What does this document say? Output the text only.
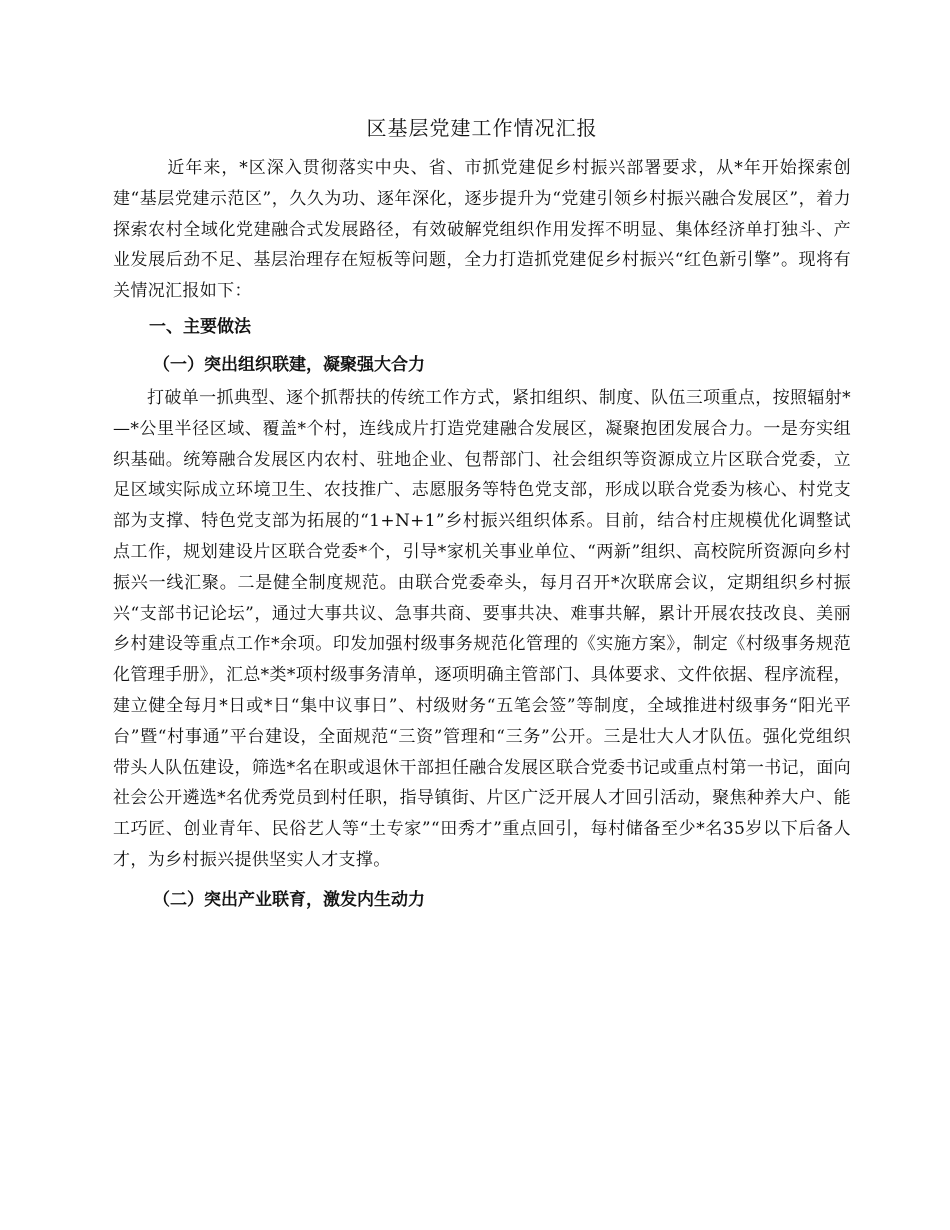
区基层党建工作情况汇报

近年来，*区深入贯彻落实中央、省、市抓党建促乡村振兴部署要求，从*年开始探索创建“基层党建示范区”，久久为功、逐年深化，逐步提升为“党建引领乡村振兴融合发展区”，着力探索农村全域化党建融合式发展路径，有效破解党组织作用发挥不明显、集体经济单打独斗、产业发展后劲不足、基层治理存在短板等问题，全力打造抓党建促乡村振兴“红色新引擎”。现将有关情况汇报如下：

一、主要做法
（一）突出组织联建，凝聚强大合力

打破单一抓典型、逐个抓帮扶的传统工作方式，紧扣组织、制度、队伍三项重点，按照辐射*—*公里半径区域、覆盖*个村，连线成片打造党建融合发展区，凝聚抱团发展合力。一是夯实组织基础。统筹融合发展区内农村、驻地企业、包帮部门、社会组织等资源成立片区联合党委，立足区域实际成立环境卫生、农技推广、志愿服务等特色党支部，形成以联合党委为核心、村党支部为支撑、特色党支部为拓展的“1+N+1”乡村振兴组织体系。目前，结合村庄规模优化调整试点工作，规划建设片区联合党委*个，引导*家机关事业单位、“两新”组织、高校院所资源向乡村振兴一线汇聚。二是健全制度规范。由联合党委牵头，每月召开*次联席会议，定期组织乡村振兴“支部书记论坛”，通过大事共议、急事共商、要事共决、难事共解，累计开展农技改良、美丽乡村建设等重点工作*余项。印发加强村级事务规范化管理的《实施方案》，制定《村级事务规范化管理手册》，汇总*类*项村级事务清单，逐项明确主管部门、具体要求、文件依据、程序流程，建立健全每月*日或*日“集中议事日”、村级财务“五笔会签”等制度，全域推进村级事务“阳光平台”暨“村事通”平台建设，全面规范“三资”管理和“三务”公开。三是壮大人才队伍。强化党组织带头人队伍建设，筛选*名在职或退休干部担任融合发展区联合党委书记或重点村第一书记，面向社会公开遴选*名优秀党员到村任职，指导镇街、片区广泛开展人才回引活动，聚焦种养大户、能工巧匠、创业青年、民俗艺人等“土专家”“田秀才”重点回引，每村储备至少*名35岁以下后备人才，为乡村振兴提供坚实人才支撑。

（二）突出产业联育，激发内生动力
